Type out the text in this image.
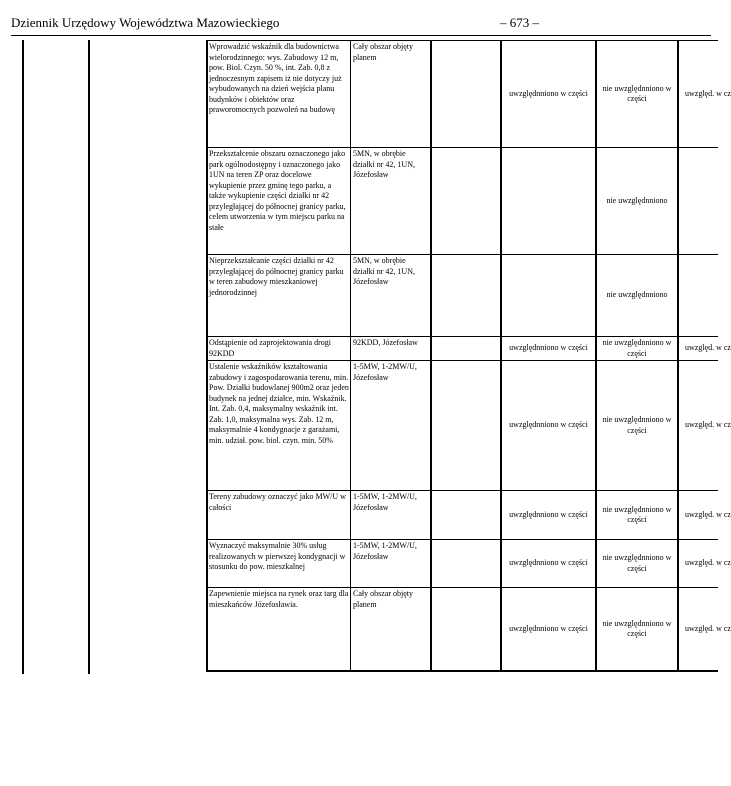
Dziennik Urzędowy Województwa Mazowieckiego	– 673 –
Wprowadzić wskaźnik dla budownictwa wielorodzinnego: wys. Zabudowy 12 m, pow. Biol. Czyn. 50 %, int. Zab. 0,8 z jednoczesnym zapisem iż nie dotyczy już wybudowanych na dzień wejścia planu budynków i obiektów oraz praworomocnych pozwoleń na budowę
Cały obszar objęty planem
uwzględnniono w części
nie uwzględnniono w części
uwzględ. w cz
Przekształcenie obszaru oznaczonego jako park ogólnodostępny i oznaczonego jako 1UN na teren ZP oraz docelowe wykupienie przez gminę tego parku, a także wykupienie części działki nr 42 przyległającej do północnej granicy parku, celem utworzenia w tym miejscu parku na stałe
5MN, w obrębie działki nr 42, 1UN, Józefosław
nie uwzględnniono
Nieprzekształcanie części działki nr 42 przyległającej do północnej granicy parku w teren zabudowy mieszkaniowej jednorodzinnej
5MN, w obrębie działki nr 42, 1UN, Józefosław
nie uwzględnniono
Odstąpienie od zaprojektowania drogi 92KDD
92KDD, Józefosław
uwzględnniono w części
nie uwzględnniono w części
uwzględ. w cz
Ustalenie wskaźników kształtowania zabudowy i zagospodarowania terenu, min. Pow. Działki budowlanej 900m2 oraz jeden budynek na jednej działce, min. Wskaźnik. Int. Zab. 0,4, maksymalny wskaźnik int. Zab. 1,0, maksymalna wys. Zab. 12 m, maksymalnie 4 kondygnacje z garażami, min. udział. pow. biol. czyn. min. 50%
1-5MW, 1-2MW/U, Józefosław
uwzględnniono w części
nie uwzględnniono w części
uwzględ. w cz
Tereny zabudowy oznaczyć jako MW/U w całości
1-5MW, 1-2MW/U, Józefosław
uwzględnniono w części
nie uwzględnniono w części
uwzględ. w cz
Wyznaczyć maksymalnie 30% usług realizowanych w pierwszej kondygnacji w stosunku do pow. mieszkalnej
1-5MW, 1-2MW/U, Józefosław
uwzględnniono w części
nie uwzględnniono w części
uwzględ. w cz
Zapewnienie miejsca na rynek oraz targ dla mieszkańców Józefosławia.
Cały obszar objęty planem
uwzględnniono w części
nie uwzględnniono w części
uwzględ. w cz
